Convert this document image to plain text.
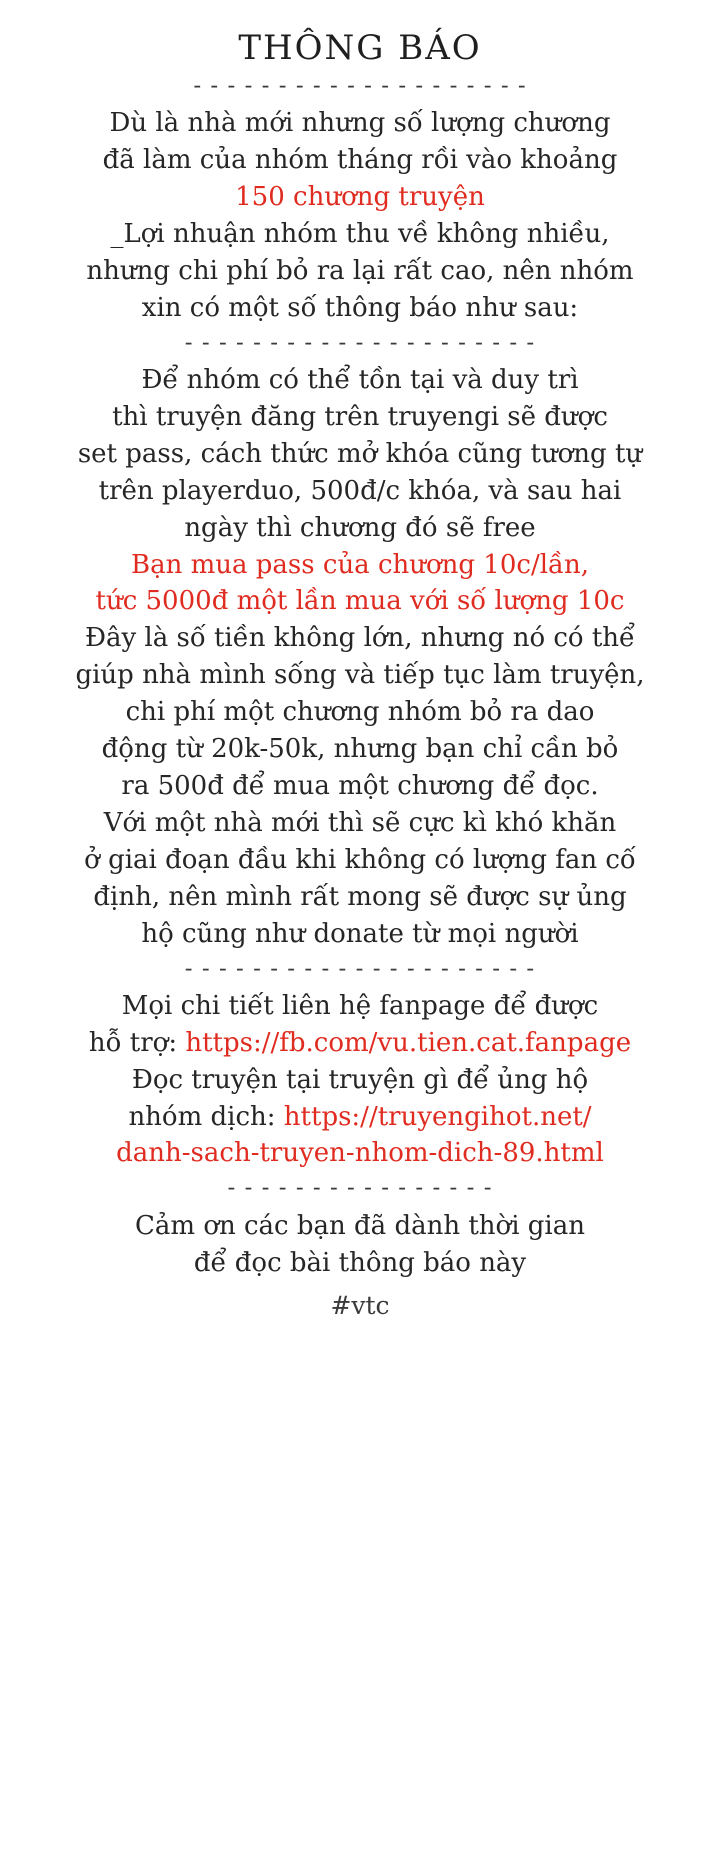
THÔNG BÁO
- - - - - - - - - - - - - - - - - - - -
Dù là nhà mới nhưng số lượng chương
đã làm của nhóm tháng rồi vào khoảng
150 chương truyện
_Lợi nhuận nhóm thu về không nhiều,
nhưng chi phí bỏ ra lại rất cao, nên nhóm
xin có một số thông báo như sau:
- - - - - - - - - - - - - - - - - - - - -
Để nhóm có thể tồn tại và duy trì
thì truyện đăng trên truyengi sẽ được
set pass, cách thức mở khóa cũng tương tự
trên playerduo, 500đ/c khóa, và sau hai
ngày thì chương đó sẽ free
Bạn mua pass của chương 10c/lần,
tức 5000đ một lần mua với số lượng 10c
Đây là số tiền không lớn, nhưng nó có thể
giúp nhà mình sống và tiếp tục làm truyện,
chi phí một chương nhóm bỏ ra dao
động từ 20k-50k, nhưng bạn chỉ cần bỏ
ra 500đ để mua một chương để đọc.
Với một nhà mới thì sẽ cực kì khó khăn
ở giai đoạn đầu khi không có lượng fan cố
định, nên mình rất mong sẽ được sự ủng
hộ cũng như donate từ mọi người
- - - - - - - - - - - - - - - - - - - - -
Mọi chi tiết liên hệ fanpage để được
hỗ trợ: https://fb.com/vu.tien.cat.fanpage
Đọc truyện tại truyện gì để ủng hộ
nhóm dịch: https://truyengihot.net/
danh-sach-truyen-nhom-dich-89.html
- - - - - - - - - - - - - - - -
Cảm ơn các bạn đã dành thời gian
để đọc bài thông báo này
#vtc
